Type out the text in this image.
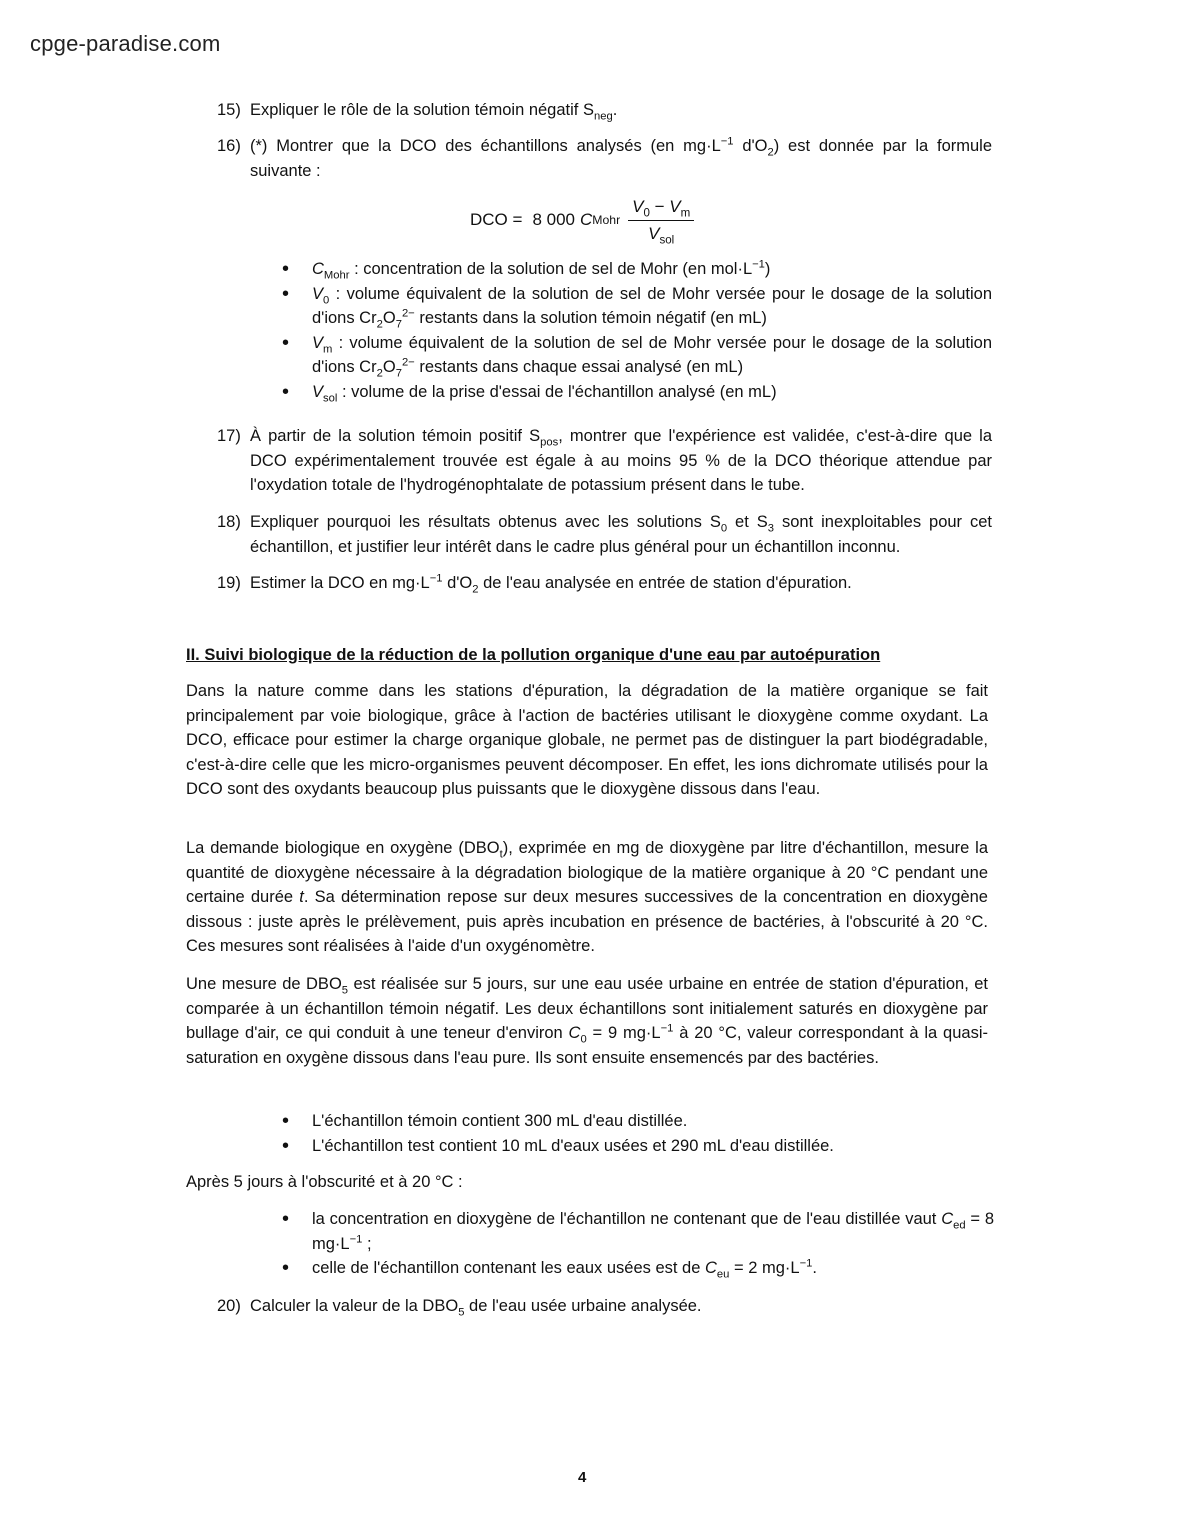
cpge-paradise.com
15) Expliquer le rôle de la solution témoin négatif $S_{neg}$.
16) (*) Montrer que la DCO des échantillons analysés (en $mg\cdot L^{-1}$ $d'O_2$) est donnée par la formule suivante :
DCO = 8 000 C Mohr $\frac{V_0 - V_m}{V_{sol}}$
• $C_{Mohr}$ : concentration de la solution de sel de Mohr (en $mol\cdot L^{-1}$)
• $V_0$ : volume équivalent de la solution de sel de Mohr versée pour le dosage de la solution d'ions $Cr_2O_7^{2-}$ restants dans la solution témoin négatif (en mL)
• $V_m$ : volume équivalent de la solution de sel de Mohr versée pour le dosage de la solution d'ions $Cr_2O_7^{2-}$ restants dans chaque essai analysé (en mL)
• $V_{sol}$ : volume de la prise d'essai de l'échantillon analysé (en mL)
17) À partir de la solution témoin positif $S_{pos}$, montrer que l'expérience est validée, c'est-à-dire que la DCO expérimentalement trouvée est égale à au moins 95 % de la DCO théorique attendue par l'oxydation totale de l'hydrogénophtalate de potassium présent dans le tube.
18) Expliquer pourquoi les résultats obtenus avec les solutions $S_0$ et $S_3$ sont inexploitables pour cet échantillon, et justifier leur intérêt dans le cadre plus général pour un échantillon inconnu.
19) Estimer la DCO en $mg\cdot L^{-1}$ $d'O_2$ de l'eau analysée en entrée de station d'épuration.
II. Suivi biologique de la réduction de la pollution organique d'une eau par autoépuration
Dans la nature comme dans les stations d'épuration, la dégradation de la matière organique se fait principalement par voie biologique, grâce à l'action de bactéries utilisant le dioxygène comme oxydant. La DCO, efficace pour estimer la charge organique globale, ne permet pas de distinguer la part biodégradable, c'est-à-dire celle que les micro-organismes peuvent décomposer. En effet, les ions dichromate utilisés pour la DCO sont des oxydants beaucoup plus puissants que le dioxygène dissous dans l'eau.
La demande biologique en oxygène $(DBO_t)$, exprimée en mg de dioxygène par litre d'échantillon, mesure la quantité de dioxygène nécessaire à la dégradation biologique de la matière organique à 20 °C pendant une certaine durée t. Sa détermination repose sur deux mesures successives de la concentration en dioxygène dissous : juste après le prélèvement, puis après incubation en présence de bactéries, à l'obscurité à 20 °C. Ces mesures sont réalisées à l'aide d'un oxygénomètre.
Une mesure de $DBO_5$ est réalisée sur 5 jours, sur une eau usée urbaine en entrée de station d'épuration, et comparée à un échantillon témoin négatif. Les deux échantillons sont initialement saturés en dioxygène par bullage d'air, ce qui conduit à une teneur d'environ $C_0 = 9$ $mg\cdot L^{-1}$ à 20 °C, valeur correspondant à la quasi-saturation en oxygène dissous dans l'eau pure. Ils sont ensuite ensemencés par des bactéries.
• L'échantillon témoin contient 300 mL d'eau distillée.
• L'échantillon test contient 10 mL d'eaux usées et 290 mL d'eau distillée.
Après 5 jours à l'obscurité et à 20 °C :
• la concentration en dioxygène de l'échantillon ne contenant que de l'eau distillée vaut $C_{ed} = 8$ $mg\cdot L^{-1}$ ;
• celle de l'échantillon contenant les eaux usées est de $C_{eu} = 2$ $mg\cdot L^{-1}$.
20) Calculer la valeur de la $DBO_5$ de l'eau usée urbaine analysée.
4
